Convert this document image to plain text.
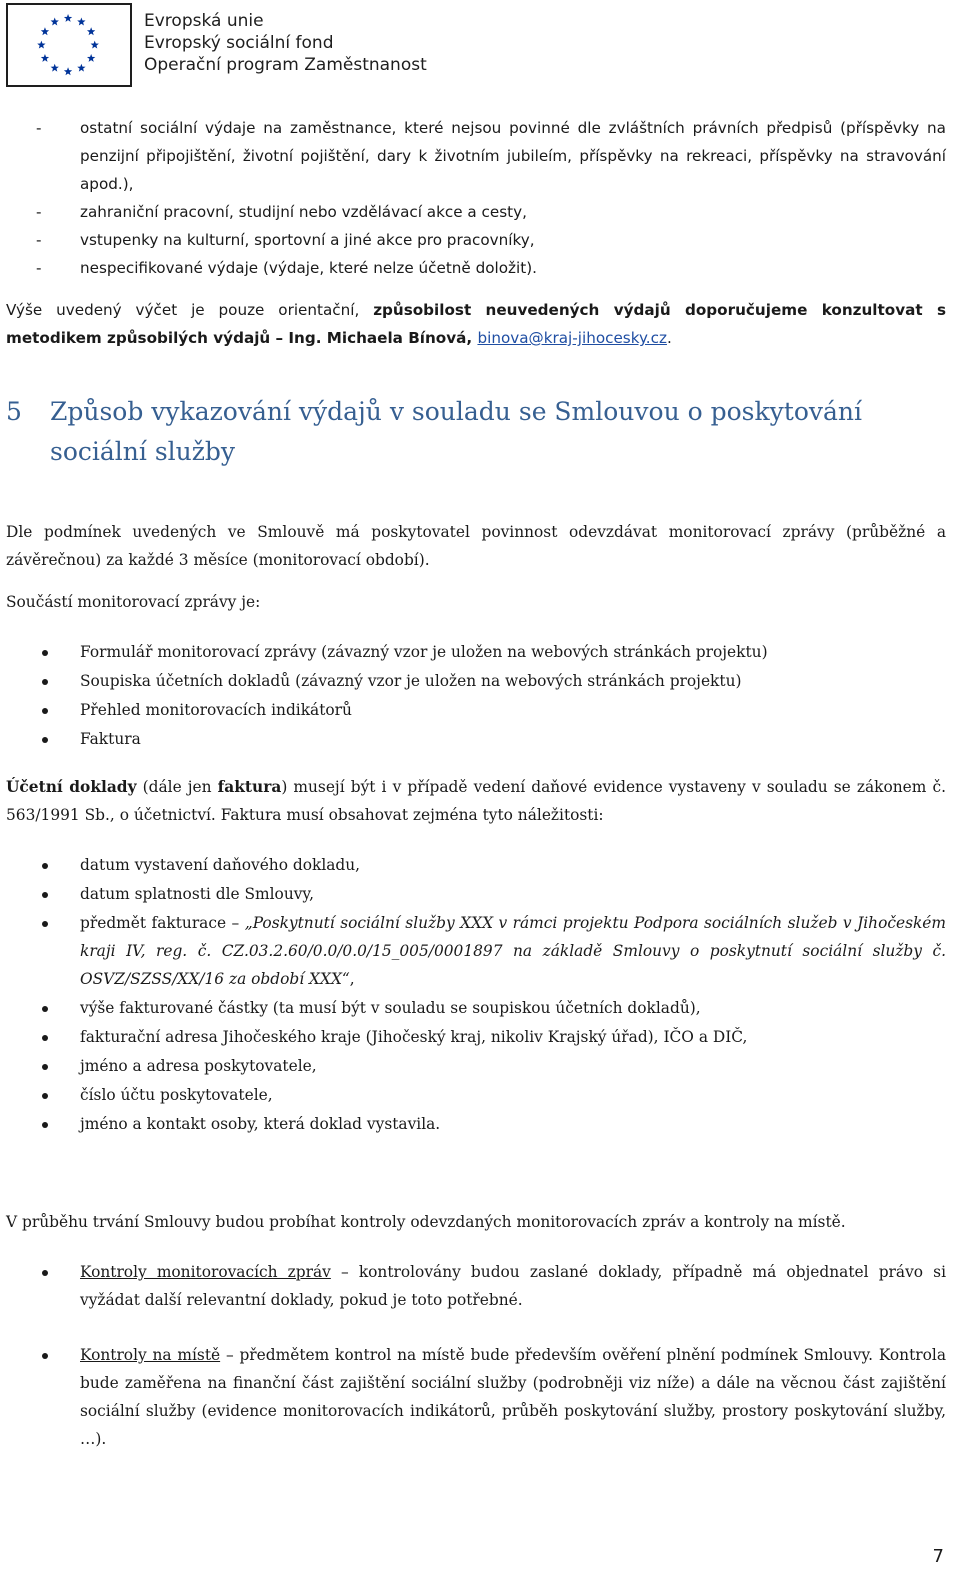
Evropská unie
Evropský sociální fond
Operační program Zaměstnanost
- ostatní sociální výdaje na zaměstnance, které nejsou povinné dle zvláštních právních předpisů (příspěvky na penzijní připojištění, životní pojištění, dary k životním jubileím, příspěvky na rekreaci, příspěvky na stravování apod.),
- zahraniční pracovní, studijní nebo vzdělávací akce a cesty,
- vstupenky na kulturní, sportovní a jiné akce pro pracovníky,
- nespecifikované výdaje (výdaje, které nelze účetně doložit).

Výše uvedený výčet je pouze orientační, způsobilost neuvedených výdajů doporučujeme konzultovat s metodikem způsobilých výdajů – Ing. Michaela Bínová, binova@kraj-jihocesky.cz.

5 Způsob vykazování výdajů v souladu se Smlouvou o poskytování sociální služby

Dle podmínek uvedených ve Smlouvě má poskytovatel povinnost odevzdávat monitorovací zprávy (průběžné a závěrečnou) za každé 3 měsíce (monitorovací období).

Součástí monitorovací zprávy je:

Formulář monitorovací zprávy (závazný vzor je uložen na webových stránkách projektu)
Soupiska účetních dokladů (závazný vzor je uložen na webových stránkách projektu)
Přehled monitorovacích indikátorů
Faktura

Účetní doklady (dále jen faktura) musejí být i v případě vedení daňové evidence vystaveny v souladu se zákonem č. 563/1991 Sb., o účetnictví. Faktura musí obsahovat zejména tyto náležitosti:

datum vystavení daňového dokladu,
datum splatnosti dle Smlouvy,
předmět fakturace – „Poskytnutí sociální služby XXX v rámci projektu Podpora sociálních služeb v Jihočeském kraji IV, reg. č. CZ.03.2.60/0.0/0.0/15_005/0001897 na základě Smlouvy o poskytnutí sociální služby č. OSVZ/SZSS/XX/16 za období XXX“,
výše fakturované částky (ta musí být v souladu se soupiskou účetních dokladů),
fakturační adresa Jihočeského kraje (Jihočeský kraj, nikoliv Krajský úřad), IČO a DIČ,
jméno a adresa poskytovatele,
číslo účtu poskytovatele,
jméno a kontakt osoby, která doklad vystavila.

V průběhu trvání Smlouvy budou probíhat kontroly odevzdaných monitorovacích zpráv a kontroly na místě.

Kontroly monitorovacích zpráv – kontrolovány budou zaslané doklady, případně má objednatel právo si vyžádat další relevantní doklady, pokud je toto potřebné.
Kontroly na místě – předmětem kontrol na místě bude především ověření plnění podmínek Smlouvy. Kontrola bude zaměřena na finanční část zajištění sociální služby (podrobněji viz níže) a dále na věcnou část zajištění sociální služby (evidence monitorovacích indikátorů, průběh poskytování služby, prostory poskytování služby, …).
7
